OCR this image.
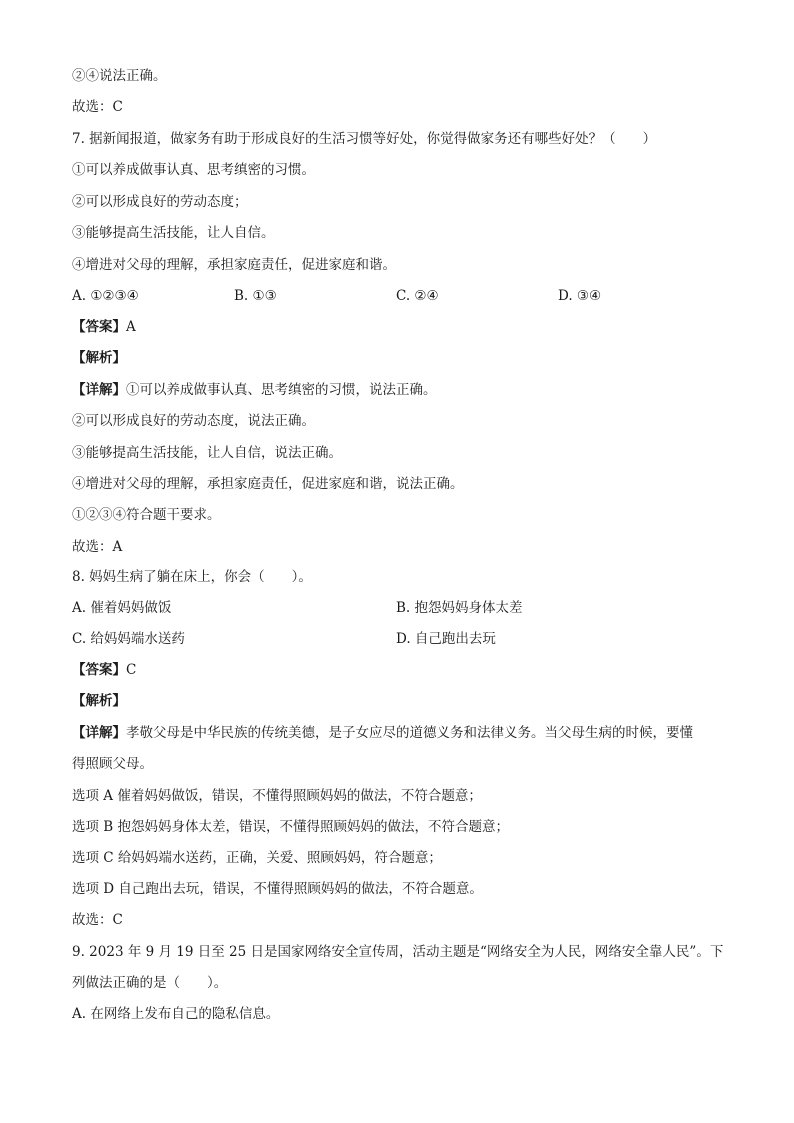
②④说法正确。
故选：C
7. 据新闻报道，做家务有助于形成良好的生活习惯等好处，你觉得做家务还有哪些好处？（　　）
①可以养成做事认真、思考缜密的习惯。
②可以形成良好的劳动态度；
③能够提高生活技能，让人自信。
④增进对父母的理解，承担家庭责任，促进家庭和谐。
A. ①②③④	B. ①③	C. ②④	D. ③④
【答案】A
【解析】
【详解】①可以养成做事认真、思考缜密的习惯，说法正确。
②可以形成良好的劳动态度，说法正确。
③能够提高生活技能，让人自信，说法正确。
④增进对父母的理解，承担家庭责任，促进家庭和谐，说法正确。
①②③④符合题干要求。
故选：A
8. 妈妈生病了躺在床上，你会（　　）。
A. 催着妈妈做饭	B. 抱怨妈妈身体太差
C. 给妈妈端水送药	D. 自己跑出去玩
【答案】C
【解析】
【详解】孝敬父母是中华民族的传统美德，是子女应尽的道德义务和法律义务。当父母生病的时候，要懂
得照顾父母。
选项 A 催着妈妈做饭，错误，不懂得照顾妈妈的做法，不符合题意；
选项 B 抱怨妈妈身体太差，错误，不懂得照顾妈妈的做法，不符合题意；
选项 C 给妈妈端水送药，正确，关爱、照顾妈妈，符合题意；
选项 D 自己跑出去玩，错误，不懂得照顾妈妈的做法，不符合题意。
故选：C
9. 2023 年 9 月 19 日至 25 日是国家网络安全宣传周，活动主题是“网络安全为人民，网络安全靠人民”。下
列做法正确的是（　　）。
A. 在网络上发布自己的隐私信息。
